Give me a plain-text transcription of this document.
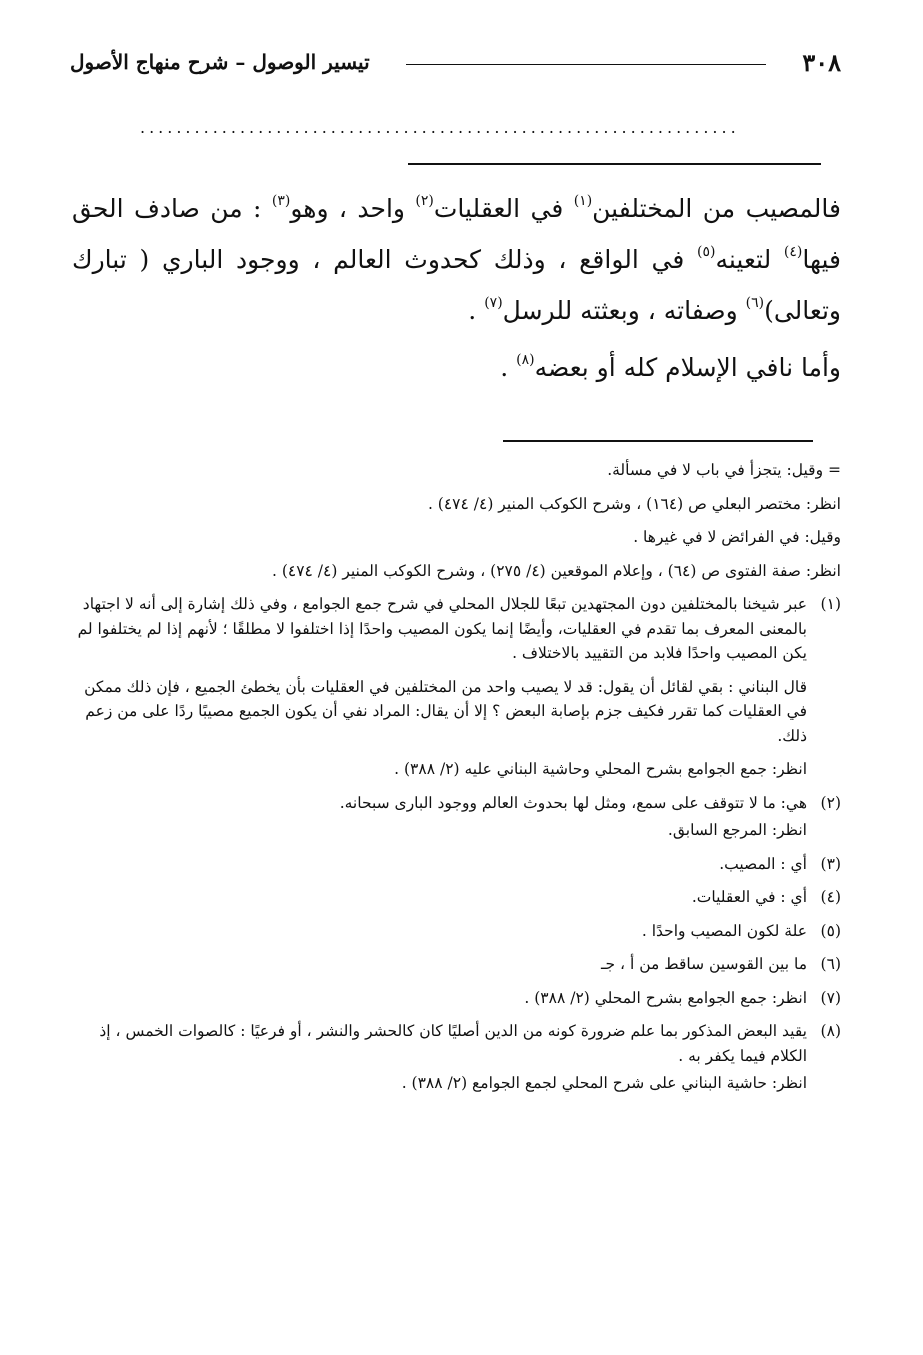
٣٠٨
تيسير الوصول – شرح منهاج الأصول
..................................................................

فالمصيب من المختلفين$^{(١)}$ في العقليات$^{(٢)}$ واحد ، وهو$^{(٣)}$ : من صادف الحق فيها$^{(٤)}$ لتعينه$^{(٥)}$ في الواقع ، وذلك كحدوث العالم ، ووجود الباري ( تبارك وتعالى)$^{(٦)}$ وصفاته ، وبعثته للرسل$^{(٧)}$ .

وأما نافي الإسلام كله أو بعضه$^{(٨)}$ .

= وقيل: يتجزأ في باب لا في مسألة.

انظر: مختصر البعلي ص (١٦٤) ، وشرح الكوكب المنير (٤/ ٤٧٤) .

وقيل: في الفرائض لا في غيرها .

انظر: صفة الفتوى ص (٦٤) ، وإعلام الموقعين (٤/ ٢٧٥) ، وشرح الكوكب المنير (٤/ ٤٧٤) .

(١)

عبر شيخنا بالمختلفين دون المجتهدين تبعًا للجلال المحلي في شرح جمع الجوامع ، وفي ذلك إشارة إلى أنه لا اجتهاد بالمعنى المعرف بما تقدم في العقليات، وأيضًا إنما يكون المصيب واحدًا إذا اختلفوا لا مطلقًا ؛ لأنهم إذا لم يختلفوا لم يكن المصيب واحدًا فلابد من التقييد بالاختلاف .

قال البناني : بقي لقائل أن يقول: قد لا يصيب واحد من المختلفين في العقليات بأن يخطئ الجميع ، فإن ذلك ممكن في العقليات كما تقرر فكيف جزم بإصابة البعض ؟ إلا أن يقال: المراد نفي أن يكون الجميع مصيبًا ردًا على من زعم ذلك.

انظر: جمع الجوامع بشرح المحلي وحاشية البناني عليه (٢/ ٣٨٨) .

(٢)

هي: ما لا تتوقف على سمع، ومثل لها بحدوث العالم ووجود البارى سبحانه.

انظر: المرجع السابق.

(٣)

أي : المصيب.

(٤)

أي : في العقليات.

(٥)

علة لكون المصيب واحدًا .

(٦)

ما بين القوسين ساقط من أ ، جـ

(٧)

انظر: جمع الجوامع بشرح المحلي (٢/ ٣٨٨) .

(٨)

يقيد البعض المذكور بما علم ضرورة كونه من الدين أصليًا كان كالحشر والنشر ، أو فرعيًا : كالصوات الخمس ، إذ الكلام فيما يكفر به .

انظر: حاشية البناني على شرح المحلي لجمع الجوامع (٢/ ٣٨٨) .
